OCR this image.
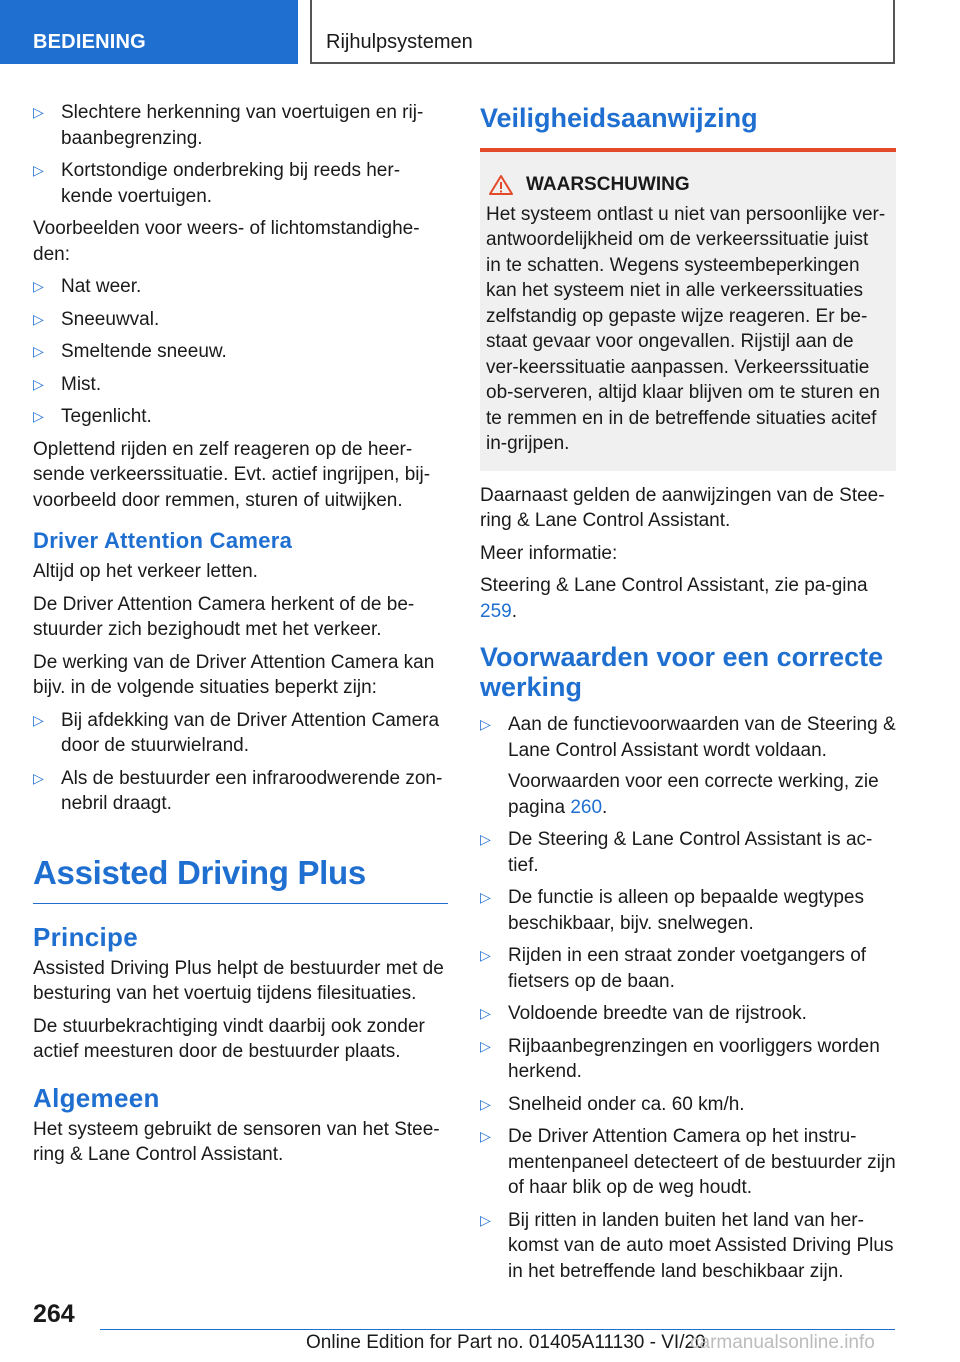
BEDIENING	Rijhulpsystemen
▷ Slechtere herkenning van voertuigen en rij-baanbegrenzing.
▷ Kortstondige onderbreking bij reeds her-kende voertuigen.

Voorbeelden voor weers- of lichtomstandighe-den:

▷ Nat weer.
▷ Sneeuwval.
▷ Smeltende sneeuw.
▷ Mist.
▷ Tegenlicht.

Oplettend rijden en zelf reageren op de heer-sende verkeerssituatie. Evt. actief ingrijpen, bij-voorbeeld door remmen, sturen of uitwijken.

Driver Attention Camera

Altijd op het verkeer letten.

De Driver Attention Camera herkent of de be-stuurder zich bezighoudt met het verkeer.

De werking van de Driver Attention Camera kan bijv. in de volgende situaties beperkt zijn:

▷ Bij afdekking van de Driver Attention Camera door de stuurwielrand.
▷ Als de bestuurder een infraroodwerende zon-nebril draagt.
Assisted Driving Plus
Principe

Assisted Driving Plus helpt de bestuurder met de besturing van het voertuig tijdens filesituaties.

De stuurbekrachtiging vindt daarbij ook zonder actief meesturen door de bestuurder plaats.

Algemeen

Het systeem gebruikt de sensoren van het Stee-ring & Lane Control Assistant.

Veiligheidsaanwijzing
WAARSCHUWING
Het systeem ontlast u niet van persoonlijke ver-antwoordelijkheid om de verkeerssituatie juist in te schatten. Wegens systeembeperkingen kan het systeem niet in alle verkeerssituaties zelfstandig op gepaste wijze reageren. Er be-staat gevaar voor ongevallen. Rijstijl aan de ver-keerssituatie aanpassen. Verkeerssituatie ob-serveren, altijd klaar blijven om te sturen en te remmen en in de betreffende situaties acitef in-grijpen.

Daarnaast gelden de aanwijzingen van de Stee-ring & Lane Control Assistant.

Meer informatie:

Steering & Lane Control Assistant, zie pa-gina 259.

Voorwaarden voor een correcte werking
▷ Aan de functievoorwaarden van de Steering & Lane Control Assistant wordt voldaan.
Voorwaarden voor een correcte werking, zie pagina 260.
▷ De Steering & Lane Control Assistant is ac-tief.
▷ De functie is alleen op bepaalde wegtypes beschikbaar, bijv. snelwegen.
▷ Rijden in een straat zonder voetgangers of fietsers op de baan.
▷ Voldoende breedte van de rijstrook.
▷ Rijbaanbegrenzingen en voorliggers worden herkend.
▷ Snelheid onder ca. 60 km/h.
▷ De Driver Attention Camera op het instru-mentenpaneel detecteert of de bestuurder zijn of haar blik op de weg houdt.
▷ Bij ritten in landen buiten het land van her-komst van de auto moet Assisted Driving Plus in het betreffende land beschikbaar zijn.
264
Online Edition for Part no. 01405A11130 - VI/20
carmanualsonline.info
